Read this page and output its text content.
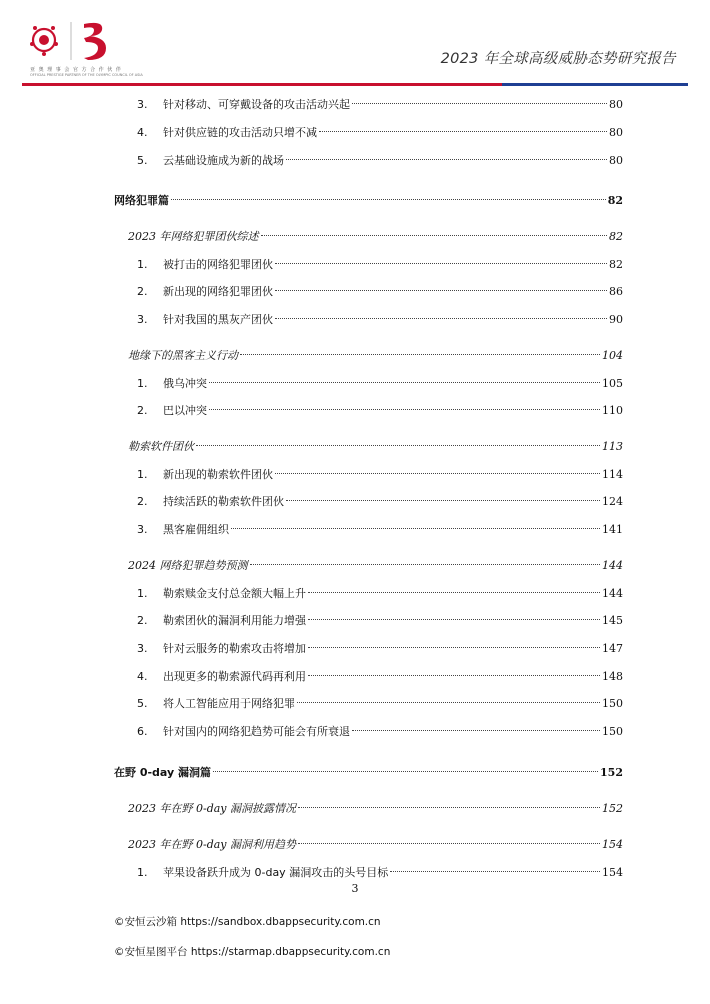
亚 奥 理 事 会 官 方 合 作 伙 伴
OFFICIAL PRESTIGE PARTNER OF THE OLYMPIC COUNCIL OF ASIA
2023 年全球高级威胁态势研究报告
3.	针对移动、可穿戴设备的攻击活动兴起	80
4.	针对供应链的攻击活动只增不减	80
5.	云基础设施成为新的战场	80
网络犯罪篇	82
2023 年网络犯罪团伙综述	82
1.	被打击的网络犯罪团伙	82
2.	新出现的网络犯罪团伙	86
3.	针对我国的黑灰产团伙	90
地缘下的黑客主义行动	104
1.	俄乌冲突	105
2.	巴以冲突	110
勒索软件团伙	113
1.	新出现的勒索软件团伙	114
2.	持续活跃的勒索软件团伙	124
3.	黑客雇佣组织	141
2024 网络犯罪趋势预测	144
1.	勒索赎金支付总金额大幅上升	144
2.	勒索团伙的漏洞利用能力增强	145
3.	针对云服务的勒索攻击将增加	147
4.	出现更多的勒索源代码再利用	148
5.	将人工智能应用于网络犯罪	150
6.	针对国内的网络犯趋势可能会有所衰退	150
在野 0-day 漏洞篇	152
2023 年在野 0-day 漏洞披露情况	152
2023 年在野 0-day 漏洞利用趋势	154
1.	苹果设备跃升成为 0-day 漏洞攻击的头号目标	154
3
©安恒云沙箱 https://sandbox.dbappsecurity.com.cn
©安恒星图平台 https://starmap.dbappsecurity.com.cn
